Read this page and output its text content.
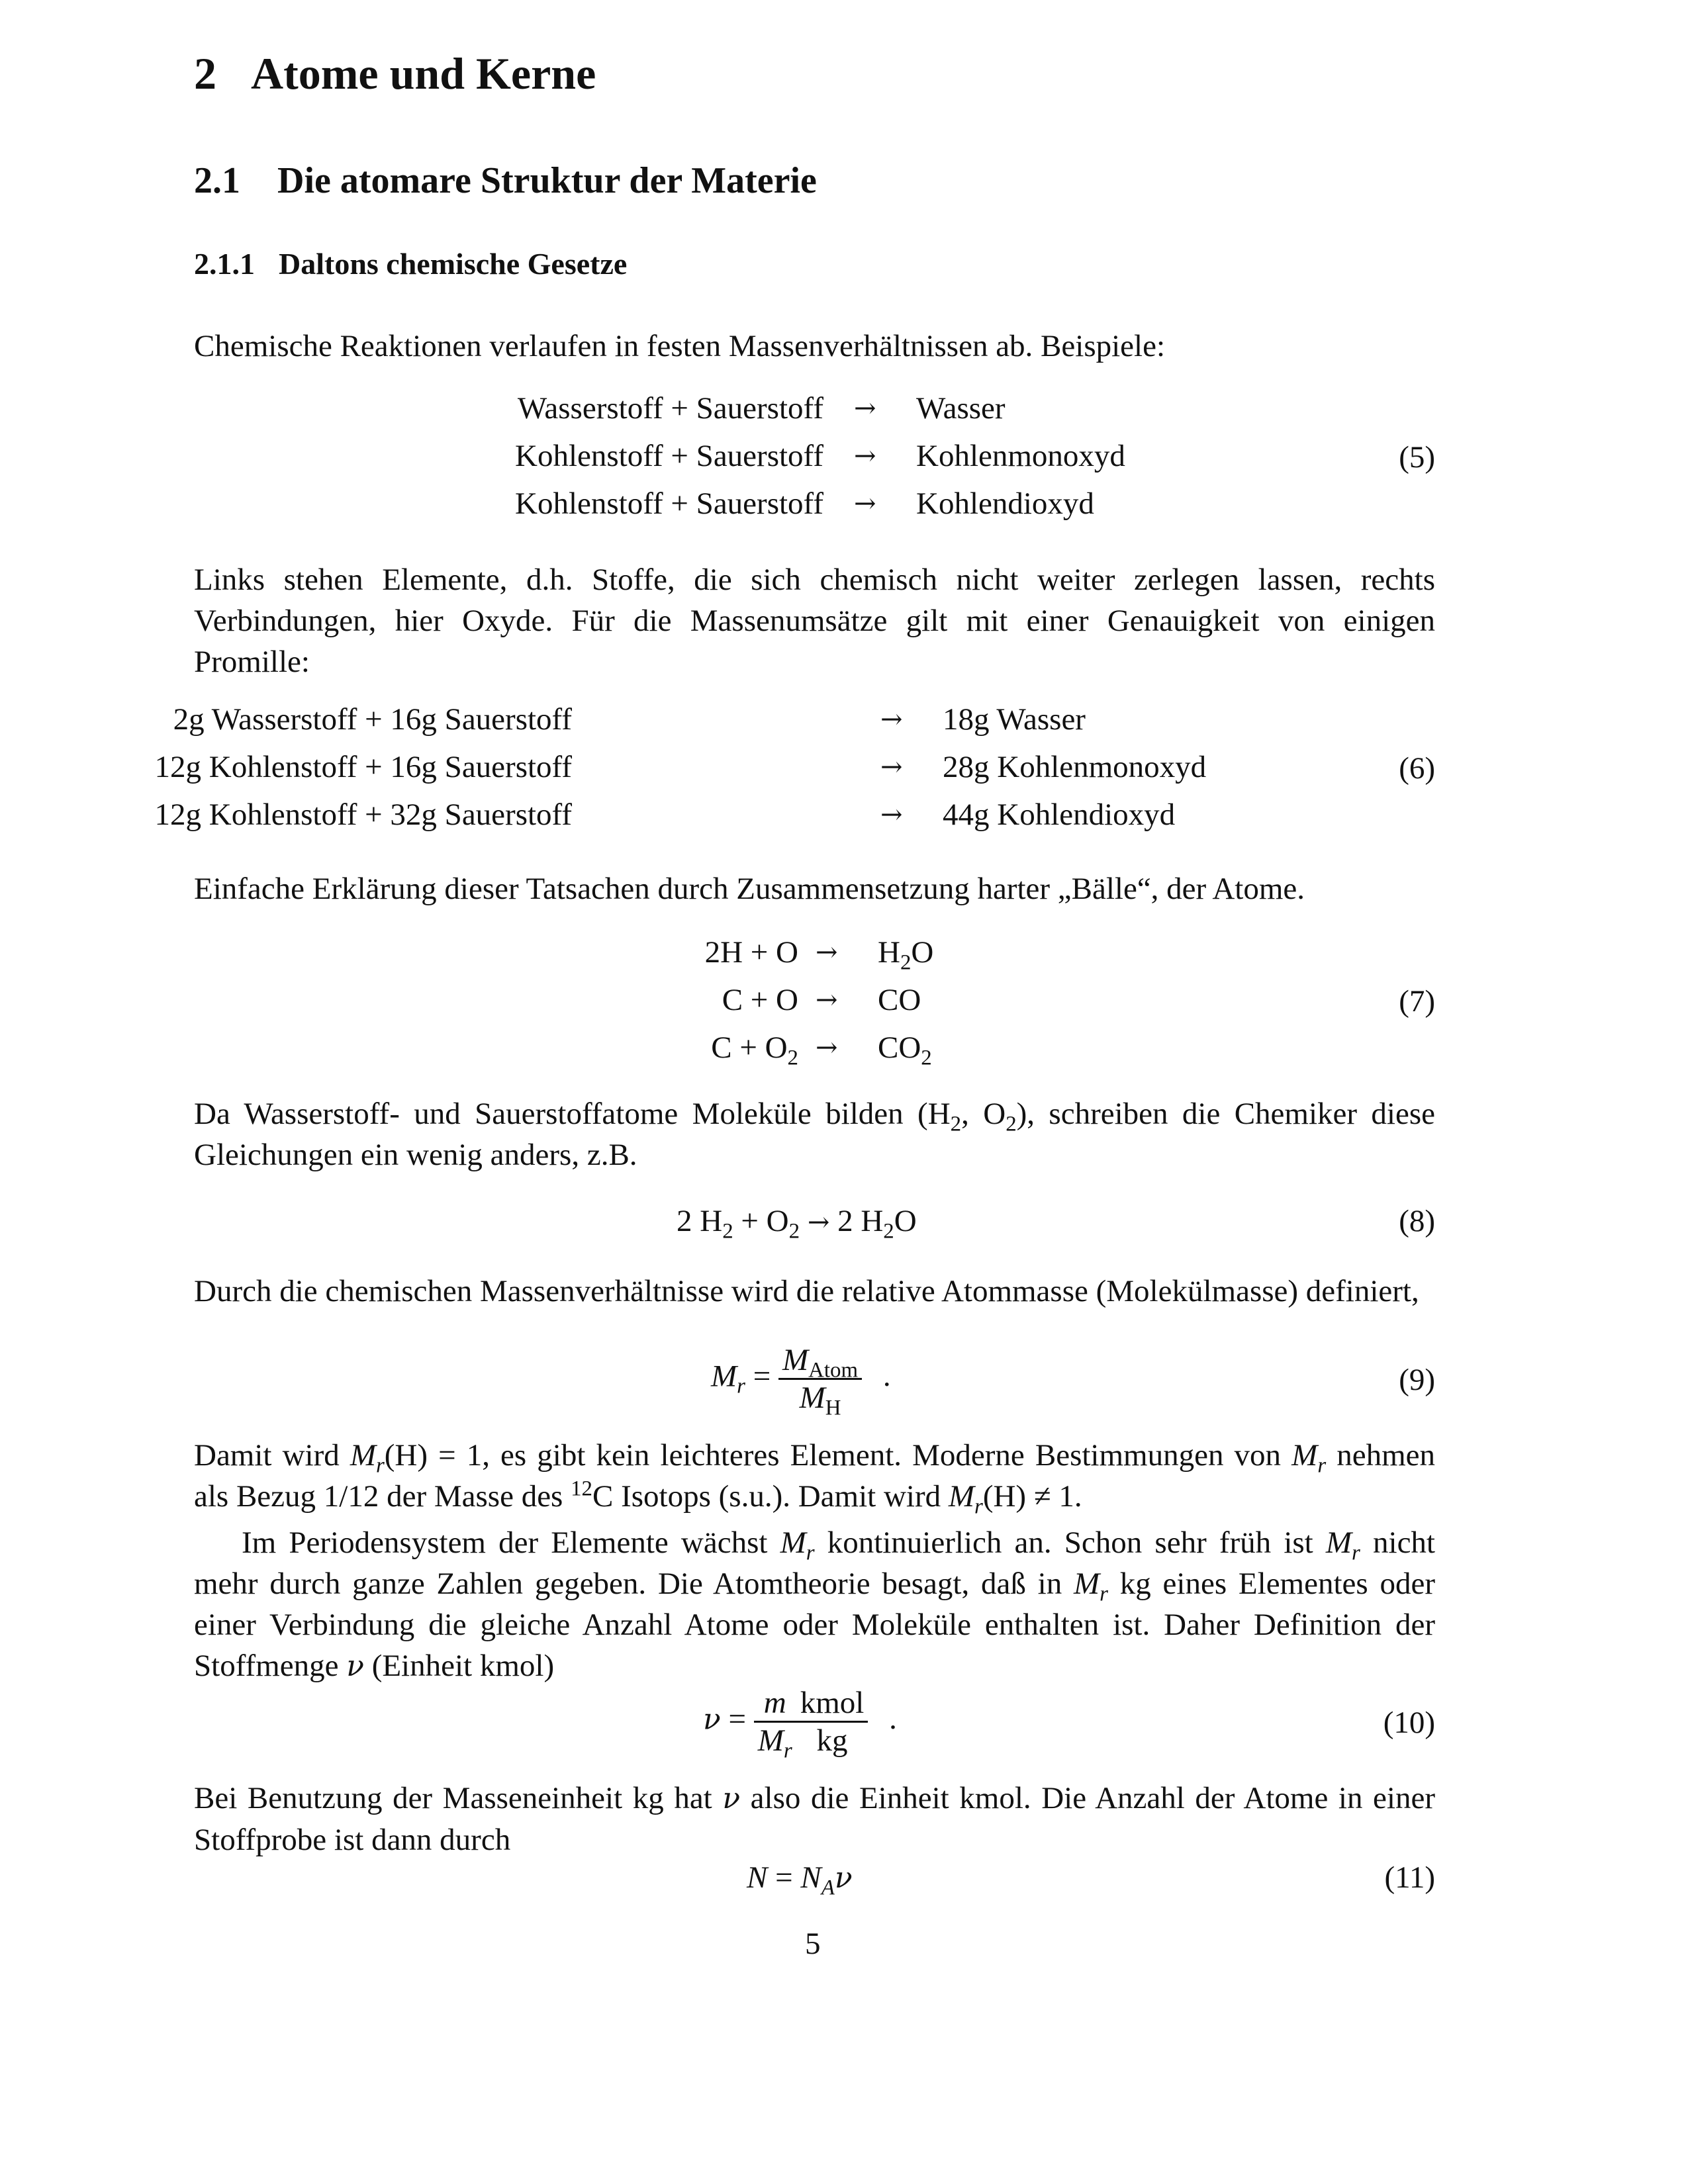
2 Atome und Kerne
2.1 Die atomare Struktur der Materie
2.1.1 Daltons chemische Gesetze
Chemische Reaktionen verlaufen in festen Massenverhältnissen ab. Beispiele:
Wasserstoff + Sauerstoff → Wasser
Kohlenstoff + Sauerstoff → Kohlenmonoxyd
Kohlenstoff + Sauerstoff → Kohlendioxyd
(5)
Links stehen Elemente, d.h. Stoffe, die sich chemisch nicht weiter zerlegen lassen, rechts Verbindungen, hier Oxyde. Für die Massenumsätze gilt mit einer Genauigkeit von einigen Promille:
2g Wasserstoff + 16g Sauerstoff	→ 18g Wasser
12g Kohlenstoff + 16g Sauerstoff	→ 28g Kohlenmonoxyd
12g Kohlenstoff + 32g Sauerstoff	→ 44g Kohlendioxyd
(6)
Einfache Erklärung dieser Tatsachen durch Zusammensetzung harter „Bälle“, der Atome.
$2H + O \to H_2O$
C + O → CO
$C + O_2 \to CO_2$
(7)
Da Wasserstoff- und Sauerstoffatome Moleküle bilden ($H_2$, $O_2$), schreiben die Chemiker diese Gleichungen ein wenig anders, z.B.
2 $H_2 + O_2 \to 2$ $H_2O$	(8)
Durch die chemischen Massenverhältnisse wird die relative Atommasse (Molekülmasse) definiert,
$M_r = \frac{M_{Atom}}{M_H}$ .	(9)
Damit wird $M_r(H) = 1$, es gibt kein leichteres Element. Moderne Bestimmungen von $M_r$ nehmen als Bezug 1/12 der Masse des $^{12}$C Isotops (s.u.). Damit wird $M_r(H) \ne 1$.
Im Periodensystem der Elemente wächst $M_r$ kontinuierlich an. Schon sehr früh ist $M_r$ nicht mehr durch ganze Zahlen gegeben. Die Atomtheorie besagt, daß in $M_r$ kg eines Elementes oder einer Verbindung die gleiche Anzahl Atome oder Moleküle enthalten ist. Daher Definition der Stoffmenge ν (Einheit kmol)
$\nu = \frac{m}{M_r} \frac{\text{kmol}}{kg}$ .	(10)
Bei Benutzung der Masseneinheit kg hat ν also die Einheit kmol. Die Anzahl der Atome in einer Stoffprobe ist dann durch
$N = N_A\nu$	(11)
5
